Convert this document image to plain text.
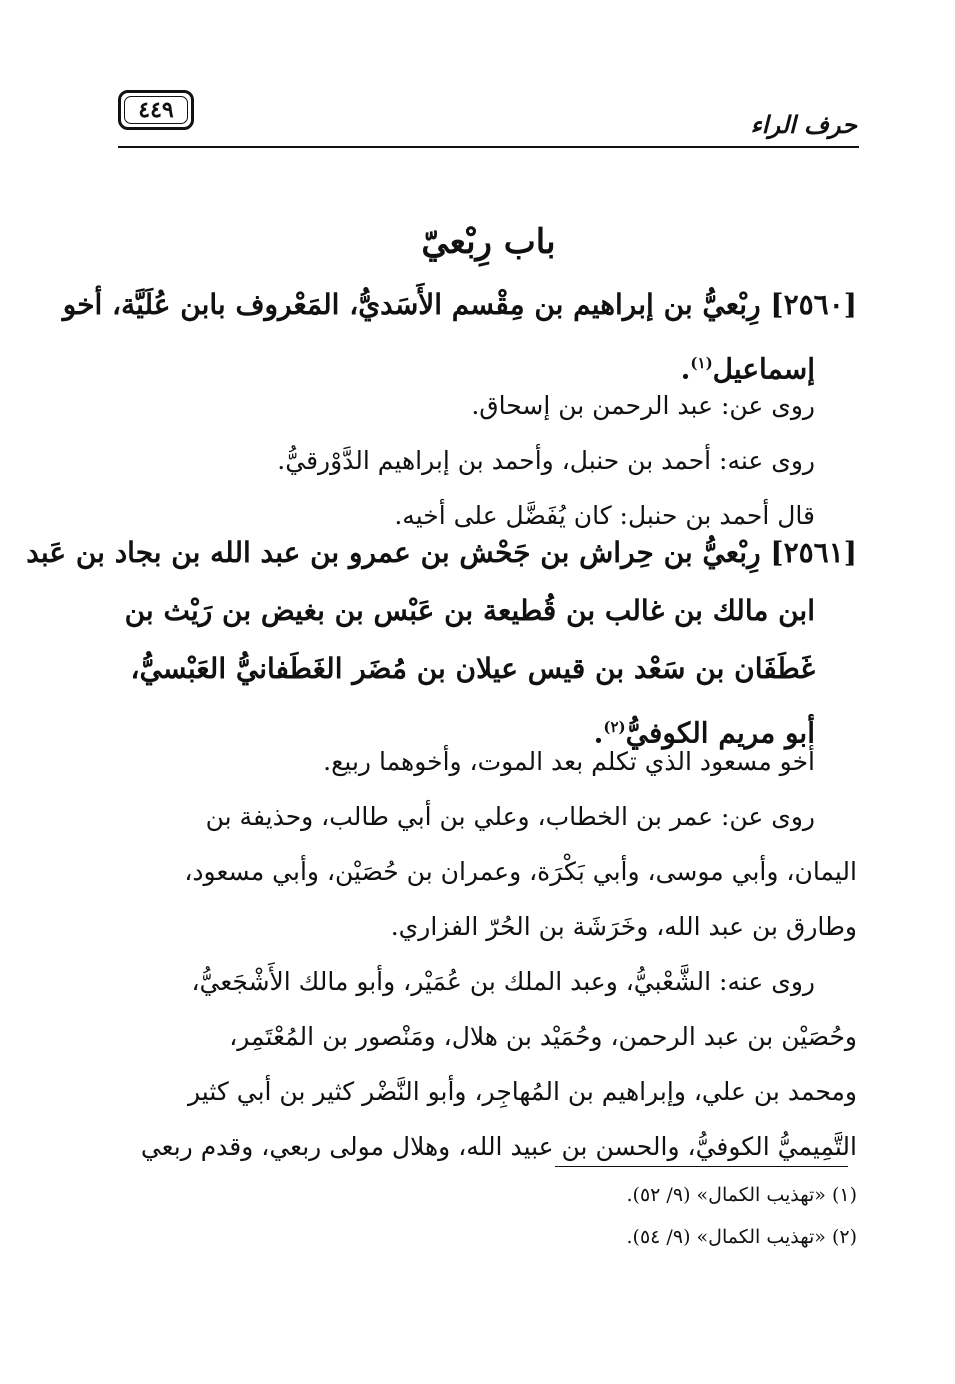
٤٤٩	حرف الراء
باب رِبْعيّ
[٢٥٦٠] رِبْعيُّ بن إبراهيم بن مِقْسم الأَسَديُّ، المَعْروف بابن عُلَيَّة، أخو
إسماعيل$^{(١)}$.
روى عن: عبد الرحمن بن إسحاق.
روى عنه: أحمد بن حنبل، وأحمد بن إبراهيم الدَّوْرقيُّ.
قال أحمد بن حنبل: كان يُفَضَّل على أخيه.
[٢٥٦١] رِبْعيُّ بن حِراش بن جَحْش بن عمرو بن عبد الله بن بجاد بن عَبد
ابن مالك بن غالب بن قُطيعة بن عَبْس بن بغيض بن رَيْث بن
غَطَفَان بن سَعْد بن قيس عيلان بن مُضَر الغَطَفانيُّ العَبْسيُّ،
أبو مريم الكوفيُّ$^{(٢)}$.
أخو مسعود الذي تكلم بعد الموت، وأخوهما ربيع.
روى عن: عمر بن الخطاب، وعلي بن أبي طالب، وحذيفة بن
اليمان، وأبي موسى، وأبي بَكْرَة، وعمران بن حُصَيْن، وأبي مسعود،
وطارق بن عبد الله، وخَرَشَة بن الحُرّ الفزاري.
روى عنه: الشَّعْبيُّ، وعبد الملك بن عُمَيْر، وأبو مالك الأَشْجَعيُّ،
وحُصَيْن بن عبد الرحمن، وحُمَيْد بن هلال، ومَنْصور بن المُعْتَمِر،
ومحمد بن علي، وإبراهيم بن المُهاجِر، وأبو النَّضْر كثير بن أبي كثير
التَّمِيميُّ الكوفيُّ، والحسن بن عبيد الله، وهلال مولى ربعي، وقدم ربعي
(١) «تهذيب الكمال» (٩/ ٥٢).
(٢) «تهذيب الكمال» (٩/ ٥٤).
